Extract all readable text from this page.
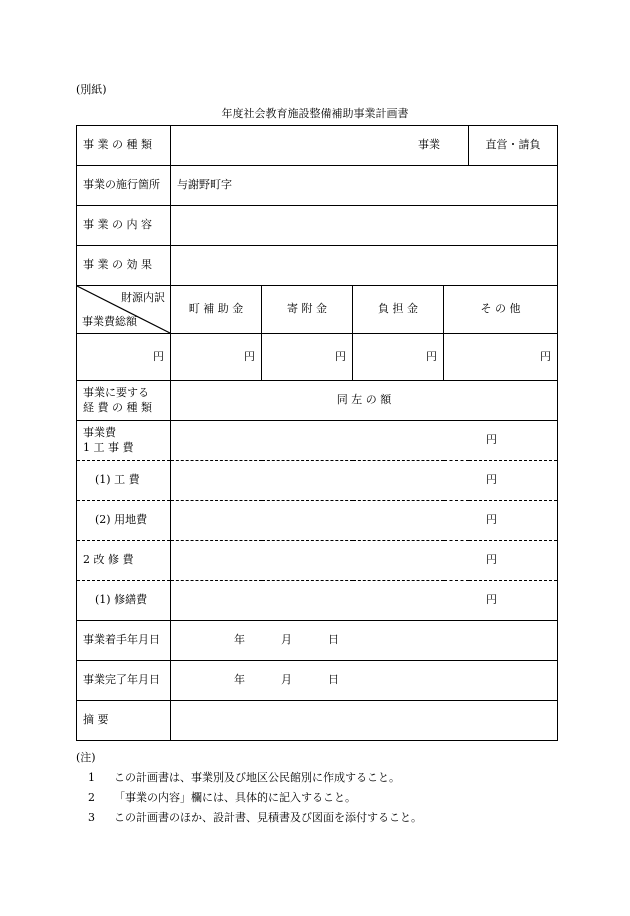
(別紙)
年度社会教育施設整備補助事業計画書
事 業 の 種 類	事業				直営・請負
事業の施行箇所	与謝野町字				
事 業 の 内 容					
事 業 の 効 果					

財源内訳
事業費総額	町 補 助 金	寄 附 金	負 担 金	そ の 他	
円	円	円	円	円	
事業に要する
経 費 の 種 類	同 左 の 額				
事業費
1 工 事 費	円				
(1) 工 費	円				
(2) 用地費	円				
2 改 修 費	円				
(1) 修繕費	円				
事業着手年月日	年 月 日				
事業完了年月日	年 月 日				

摘 要					

(注)
1 この計画書は、事業別及び地区公民館別に作成すること。
2 「事業の内容」欄には、具体的に記入すること。
3 この計画書のほか、設計書、見積書及び図面を添付すること。
